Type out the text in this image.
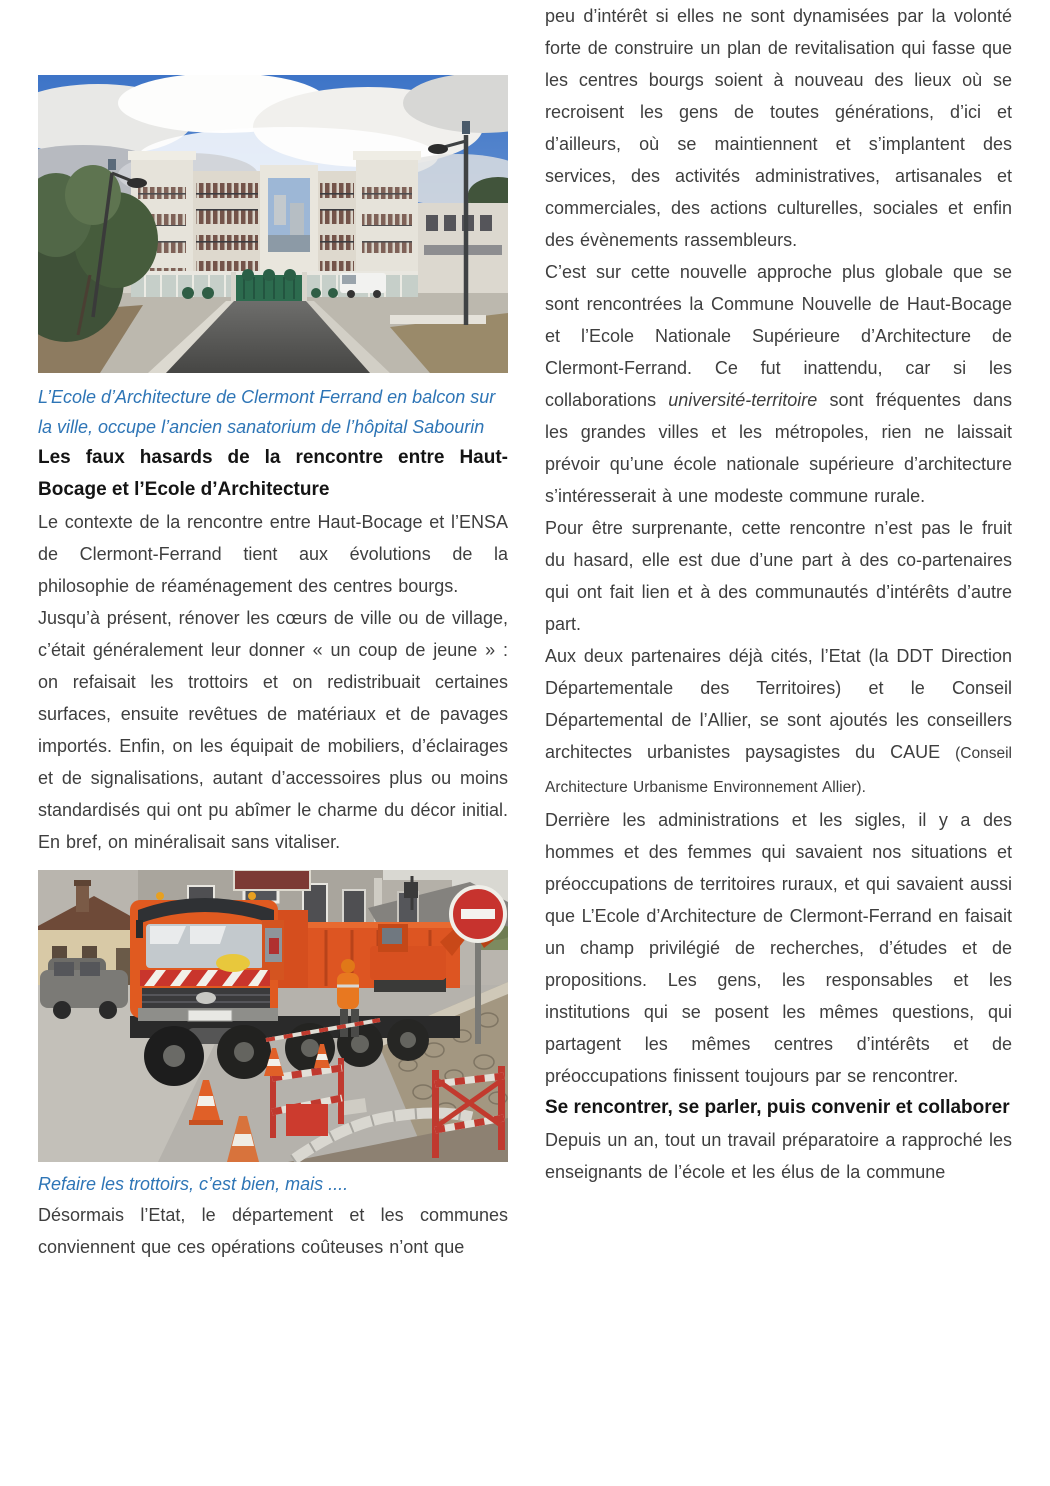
L’Ecole d’Architecture de Clermont Ferrand en balcon sur la ville, occupe l’ancien sanatorium de l’hôpital Sabourin

Les faux hasards de la rencontre entre Haut-Bocage et l’Ecole d’Architecture

Le contexte de la rencontre entre Haut-Bocage et l’ENSA de Clermont-Ferrand tient aux évolutions de la philosophie de réaménagement des centres bourgs.

Jusqu’à présent, rénover les cœurs de ville ou de village, c’était généralement leur donner « un coup de jeune » : on refaisait les trottoirs et on redistribuait certaines surfaces, ensuite revêtues de matériaux et de pavages importés. Enfin, on les équipait de mobiliers, d’éclairages et de signalisations, autant d’accessoires plus ou moins standardisés qui ont pu abîmer le charme du décor initial. En bref, on minéralisait sans vitaliser.

Refaire les trottoirs, c’est bien, mais ....

Désormais l’Etat, le département et les communes conviennent que ces opérations coûteuses n’ont que

peu d’intérêt si elles ne sont dynamisées par la volonté forte de construire un plan de revitalisation qui fasse que les centres bourgs soient à nouveau des lieux où se recroisent les gens de toutes générations, d’ici et d’ailleurs, où se maintiennent et s’implantent des services, des activités administratives, artisanales et commerciales, des actions culturelles, sociales et enfin des évènements rassembleurs.

C’est sur cette nouvelle approche plus globale que se sont rencontrées la Commune Nouvelle de Haut-Bocage et l’Ecole Nationale Supérieure d’Architecture de Clermont-Ferrand. Ce fut inattendu, car si les collaborations université-territoire sont fréquentes dans les grandes villes et les métropoles, rien ne laissait prévoir qu’une école nationale supérieure d’architecture s’intéresserait à une modeste commune rurale.

Pour être surprenante, cette rencontre n’est pas le fruit du hasard, elle est due d’une part à des co-partenaires qui ont fait lien et à des communautés d’intérêts d’autre part.

Aux deux partenaires déjà cités, l’Etat (la DDT Direction Départementale des Territoires) et le Conseil Départemental de l’Allier, se sont ajoutés les conseillers architectes urbanistes paysagistes du CAUE (Conseil Architecture Urbanisme Environnement Allier).

Derrière les administrations et les sigles, il y a des hommes et des femmes qui savaient nos situations et préoccupations de territoires ruraux, et qui savaient aussi que L’Ecole d’Architecture de Clermont-Ferrand en faisait un champ privilégié de recherches, d’études et de propositions. Les gens, les responsables et les institutions qui se posent les mêmes questions, qui partagent les mêmes centres d’intérêts et de préoccupations finissent toujours par se rencontrer.

Se rencontrer, se parler, puis convenir et collaborer

Depuis un an, tout un travail préparatoire a rapproché les enseignants de l’école et les élus de la commune
